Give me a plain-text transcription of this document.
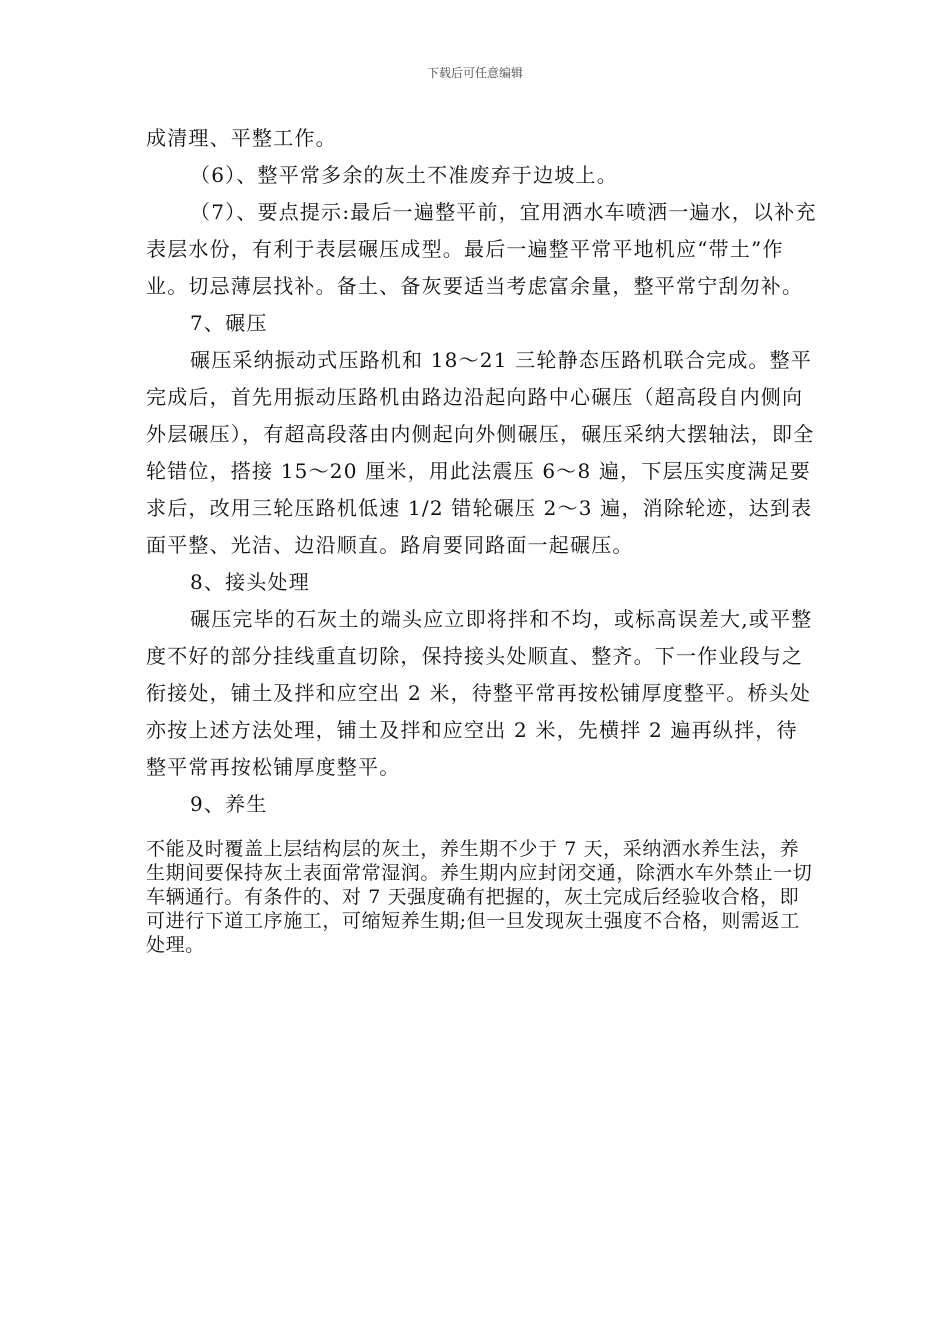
下载后可任意编辑

成清理、平整工作。

（6）、整平常多余的灰土不准废弃于边坡上。

（7）、要点提示:最后一遍整平前，宜用洒水车喷洒一遍水，以补充表层水份，有利于表层碾压成型。最后一遍整平常平地机应“带土”作业。切忌薄层找补。备土、备灰要适当考虑富余量，整平常宁刮勿补。

7、碾压

碾压采纳振动式压路机和 18～21 三轮静态压路机联合完成。整平完成后，首先用振动压路机由路边沿起向路中心碾压（超高段自内侧向外层碾压），有超高段落由内侧起向外侧碾压，碾压采纳大摆轴法，即全轮错位，搭接 15～20 厘米，用此法震压 6～8 遍，下层压实度满足要求后，改用三轮压路机低速 1/2 错轮碾压 2～3 遍，消除轮迹，达到表面平整、光洁、边沿顺直。路肩要同路面一起碾压。

8、接头处理

碾压完毕的石灰土的端头应立即将拌和不均，或标高误差大,或平整度不好的部分挂线重直切除，保持接头处顺直、整齐。下一作业段与之衔接处，铺土及拌和应空出 2 米，待整平常再按松铺厚度整平。桥头处亦按上述方法处理，铺土及拌和应空出 2 米，先横拌 2 遍再纵拌，待整平常再按松铺厚度整平。

9、养生

不能及时覆盖上层结构层的灰土，养生期不少于 7 天，采纳洒水养生法，养生期间要保持灰土表面常常湿润。养生期内应封闭交通，除洒水车外禁止一切车辆通行。有条件的、对 7 天强度确有把握的，灰土完成后经验收合格，即可进行下道工序施工，可缩短养生期;但一旦发现灰土强度不合格，则需返工处理。
